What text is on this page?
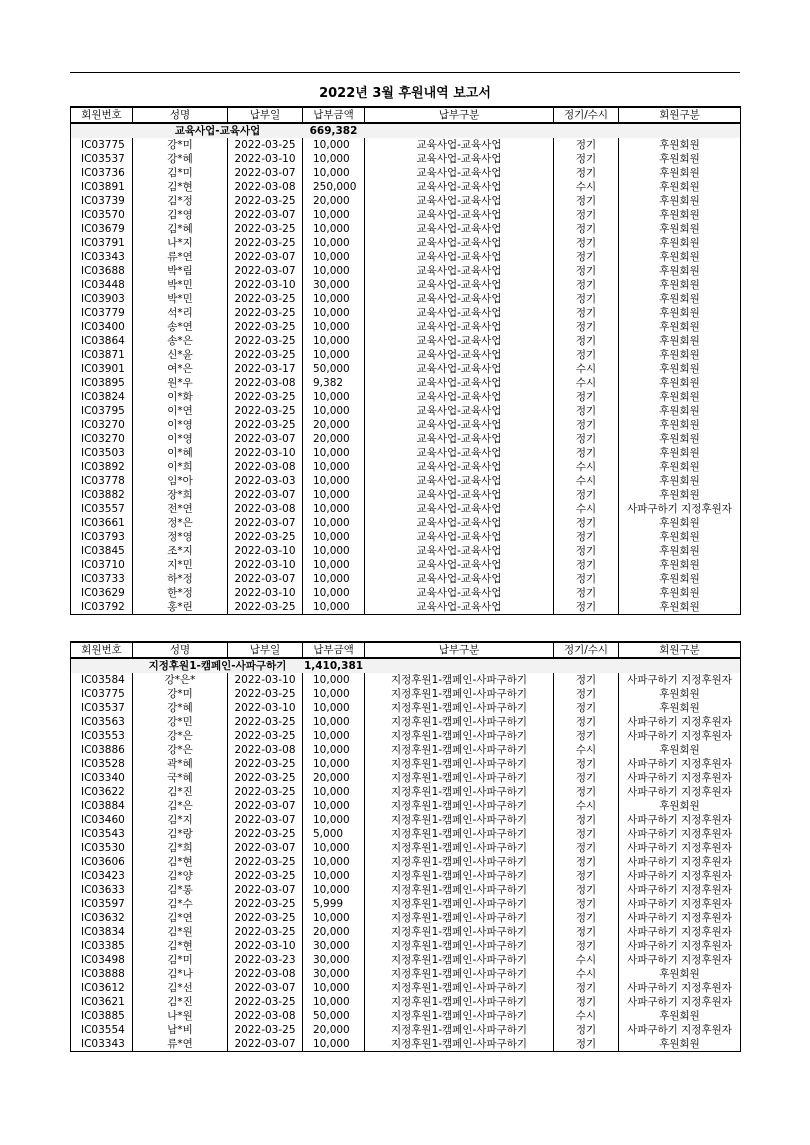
2022년 3월 후원내역 보고서
회원번호	성명	납부일	납부금액	납부구분	정기/수시	회원구분
	교육사업-교육사업		669,382			
IC03775	강*미	2022-03-25	10,000	교육사업-교육사업	정기	후원회원
IC03537	강*혜	2022-03-10	10,000	교육사업-교육사업	정기	후원회원
IC03736	김*미	2022-03-07	10,000	교육사업-교육사업	정기	후원회원
IC03891	김*현	2022-03-08	250,000	교육사업-교육사업	수시	후원회원
IC03739	김*정	2022-03-25	20,000	교육사업-교육사업	정기	후원회원
IC03570	김*영	2022-03-07	10,000	교육사업-교육사업	정기	후원회원
IC03679	김*혜	2022-03-25	10,000	교육사업-교육사업	정기	후원회원
IC03791	나*지	2022-03-25	10,000	교육사업-교육사업	정기	후원회원
IC03343	류*연	2022-03-07	10,000	교육사업-교육사업	정기	후원회원
IC03688	박*림	2022-03-07	10,000	교육사업-교육사업	정기	후원회원
IC03448	박*민	2022-03-10	30,000	교육사업-교육사업	정기	후원회원
IC03903	박*민	2022-03-25	10,000	교육사업-교육사업	정기	후원회원
IC03779	석*리	2022-03-25	10,000	교육사업-교육사업	정기	후원회원
IC03400	송*연	2022-03-25	10,000	교육사업-교육사업	정기	후원회원
IC03864	송*은	2022-03-25	10,000	교육사업-교육사업	정기	후원회원
IC03871	신*윤	2022-03-25	10,000	교육사업-교육사업	정기	후원회원
IC03901	여*은	2022-03-17	50,000	교육사업-교육사업	수시	후원회원
IC03895	원*우	2022-03-08	9,382	교육사업-교육사업	수시	후원회원
IC03824	이*화	2022-03-25	10,000	교육사업-교육사업	정기	후원회원
IC03795	이*연	2022-03-25	10,000	교육사업-교육사업	정기	후원회원
IC03270	이*영	2022-03-25	20,000	교육사업-교육사업	정기	후원회원
IC03270	이*영	2022-03-07	20,000	교육사업-교육사업	정기	후원회원
IC03503	이*혜	2022-03-10	10,000	교육사업-교육사업	정기	후원회원
IC03892	이*희	2022-03-08	10,000	교육사업-교육사업	수시	후원회원
IC03778	임*아	2022-03-03	10,000	교육사업-교육사업	수시	후원회원
IC03882	장*희	2022-03-07	10,000	교육사업-교육사업	정기	후원회원
IC03557	전*연	2022-03-08	10,000	교육사업-교육사업	수시	사파구하기 지정후원자
IC03661	정*은	2022-03-07	10,000	교육사업-교육사업	정기	후원회원
IC03793	정*영	2022-03-25	10,000	교육사업-교육사업	정기	후원회원
IC03845	조*지	2022-03-10	10,000	교육사업-교육사업	정기	후원회원
IC03710	지*민	2022-03-10	10,000	교육사업-교육사업	정기	후원회원
IC03733	하*정	2022-03-07	10,000	교육사업-교육사업	정기	후원회원
IC03629	한*정	2022-03-10	10,000	교육사업-교육사업	정기	후원회원
IC03792	홍*린	2022-03-25	10,000	교육사업-교육사업	정기	후원회원
회원번호	성명	납부일	납부금액	납부구분	정기/수시	회원구분
	지정후원1-캠페인-사파구하기		1,410,381			
IC03584	강*은*	2022-03-10	10,000	지정후원1-캠페인-사파구하기	정기	사파구하기 지정후원자
IC03775	강*미	2022-03-25	10,000	지정후원1-캠페인-사파구하기	정기	후원회원
IC03537	강*혜	2022-03-10	10,000	지정후원1-캠페인-사파구하기	정기	후원회원
IC03563	강*민	2022-03-25	10,000	지정후원1-캠페인-사파구하기	정기	사파구하기 지정후원자
IC03553	강*은	2022-03-25	10,000	지정후원1-캠페인-사파구하기	정기	사파구하기 지정후원자
IC03886	강*은	2022-03-08	10,000	지정후원1-캠페인-사파구하기	수시	후원회원
IC03528	곽*혜	2022-03-25	10,000	지정후원1-캠페인-사파구하기	정기	사파구하기 지정후원자
IC03340	국*혜	2022-03-25	20,000	지정후원1-캠페인-사파구하기	정기	사파구하기 지정후원자
IC03622	김*진	2022-03-25	10,000	지정후원1-캠페인-사파구하기	정기	사파구하기 지정후원자
IC03884	김*은	2022-03-07	10,000	지정후원1-캠페인-사파구하기	수시	후원회원
IC03460	김*지	2022-03-07	10,000	지정후원1-캠페인-사파구하기	정기	사파구하기 지정후원자
IC03543	김*랑	2022-03-25	5,000	지정후원1-캠페인-사파구하기	정기	사파구하기 지정후원자
IC03530	김*희	2022-03-07	10,000	지정후원1-캠페인-사파구하기	정기	사파구하기 지정후원자
IC03606	김*현	2022-03-25	10,000	지정후원1-캠페인-사파구하기	정기	사파구하기 지정후원자
IC03423	김*양	2022-03-25	10,000	지정후원1-캠페인-사파구하기	정기	사파구하기 지정후원자
IC03633	김*롱	2022-03-07	10,000	지정후원1-캠페인-사파구하기	정기	사파구하기 지정후원자
IC03597	김*수	2022-03-25	5,999	지정후원1-캠페인-사파구하기	정기	사파구하기 지정후원자
IC03632	김*연	2022-03-25	10,000	지정후원1-캠페인-사파구하기	정기	사파구하기 지정후원자
IC03834	김*원	2022-03-25	20,000	지정후원1-캠페인-사파구하기	정기	사파구하기 지정후원자
IC03385	김*현	2022-03-10	30,000	지정후원1-캠페인-사파구하기	정기	사파구하기 지정후원자
IC03498	김*미	2022-03-23	30,000	지정후원1-캠페인-사파구하기	수시	사파구하기 지정후원자
IC03888	김*나	2022-03-08	30,000	지정후원1-캠페인-사파구하기	수시	후원회원
IC03612	김*선	2022-03-07	10,000	지정후원1-캠페인-사파구하기	정기	사파구하기 지정후원자
IC03621	김*진	2022-03-25	10,000	지정후원1-캠페인-사파구하기	정기	사파구하기 지정후원자
IC03885	나*원	2022-03-08	50,000	지정후원1-캠페인-사파구하기	수시	후원회원
IC03554	남*비	2022-03-25	20,000	지정후원1-캠페인-사파구하기	정기	사파구하기 지정후원자
IC03343	류*연	2022-03-07	10,000	지정후원1-캠페인-사파구하기	정기	후원회원
